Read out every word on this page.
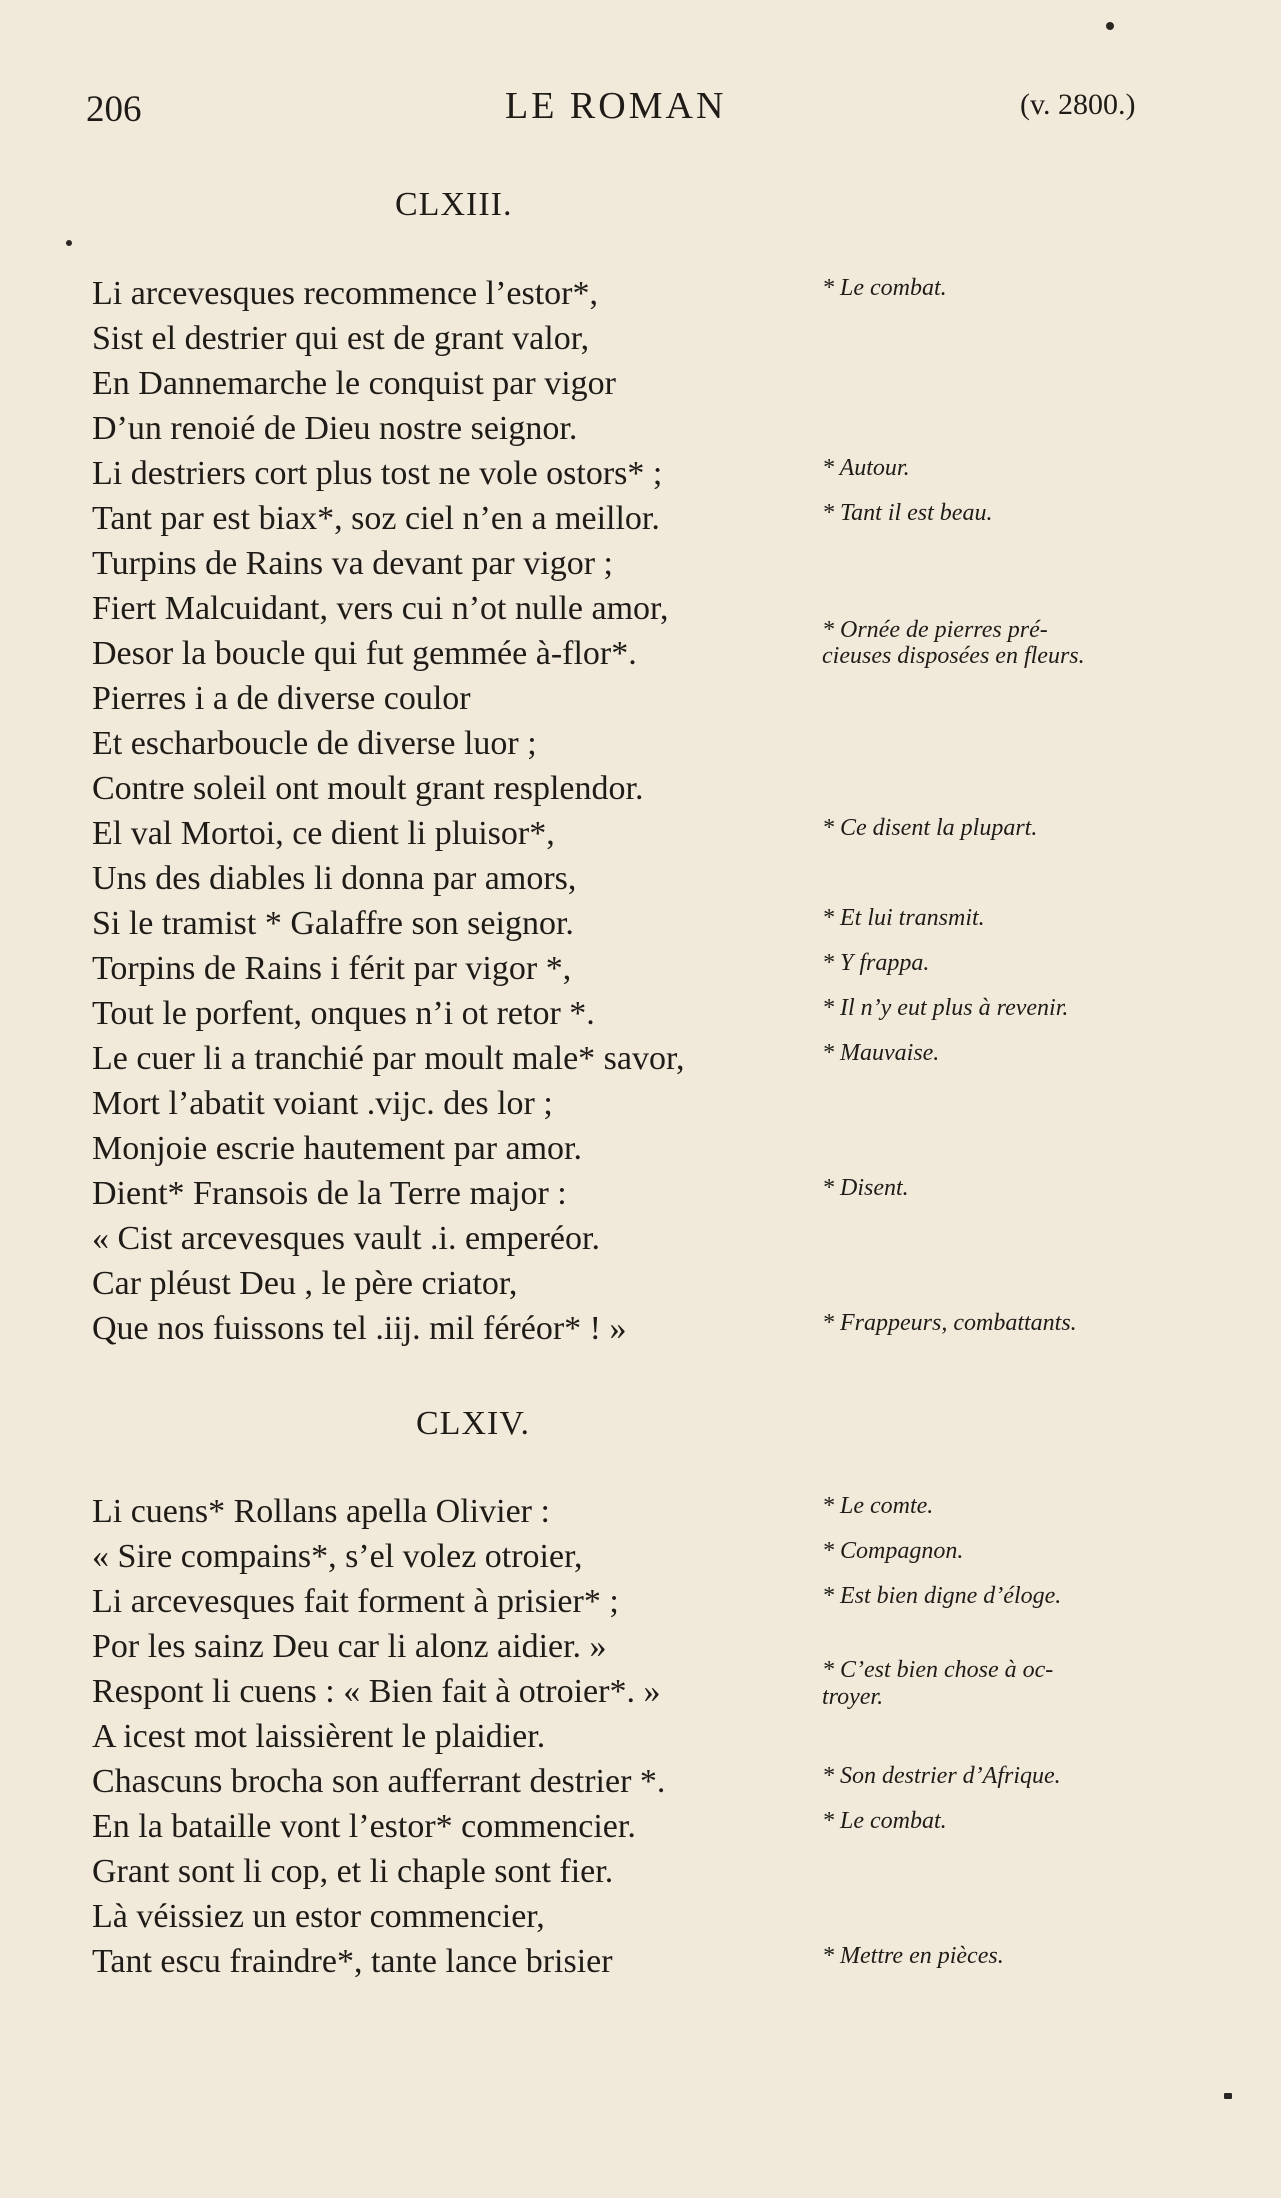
206	LE ROMAN	(v. 2800.)
CLXIII.
Li arcevesques recommence l’estor*,
Sist el destrier qui est de grant valor,
En Dannemarche le conquist par vigor
D’un renoié de Dieu nostre seignor.
Li destriers cort plus tost ne vole ostors* ;
Tant par est biax*, soz ciel n’en a meillor.
Turpins de Rains va devant par vigor ;
Fiert Malcuidant, vers cui n’ot nulle amor,
Desor la boucle qui fut gemmée à-flor*.
Pierres i a de diverse coulor
Et escharboucle de diverse luor ;
Contre soleil ont moult grant resplendor.
El val Mortoi, ce dient li pluisor*,
Uns des diables li donna par amors,
Si le tramist * Galaffre son seignor.
Torpins de Rains i férit par vigor *,
Tout le porfent, onques n’i ot retor *.
Le cuer li a tranchié par moult male* savor,
Mort l’abatit voiant .vijc. des lor ;
Monjoie escrie hautement par amor.
Dient* Fransois de la Terre major :
« Cist arcevesques vault .i. emperéor.
Car pléust Deu , le père criator,
Que nos fuissons tel .iij. mil féréor* ! »
* Le combat.
* Autour.
* Tant il est beau.
* Ornée de pierres pré-
cieuses disposées en fleurs.
* Ce disent la plupart.
* Et lui transmit.
* Y frappa.
* Il n’y eut plus à revenir.
* Mauvaise.
* Disent.
* Frappeurs, combattants.
CLXIV.
Li cuens* Rollans apella Olivier :
« Sire compains*, s’el volez otroier,
Li arcevesques fait forment à prisier* ;
Por les sainz Deu car li alonz aidier. »
Respont li cuens : « Bien fait à otroier*. »
A icest mot laissièrent le plaidier.
Chascuns brocha son aufferrant destrier *.
En la bataille vont l’estor* commencier.
Grant sont li cop, et li chaple sont fier.
Là véissiez un estor commencier,
Tant escu fraindre*, tante lance brisier
* Le comte.
* Compagnon.
* Est bien digne d’éloge.
* C’est bien chose à oc-
troyer.
* Son destrier d’Afrique.
* Le combat.
* Mettre en pièces.
